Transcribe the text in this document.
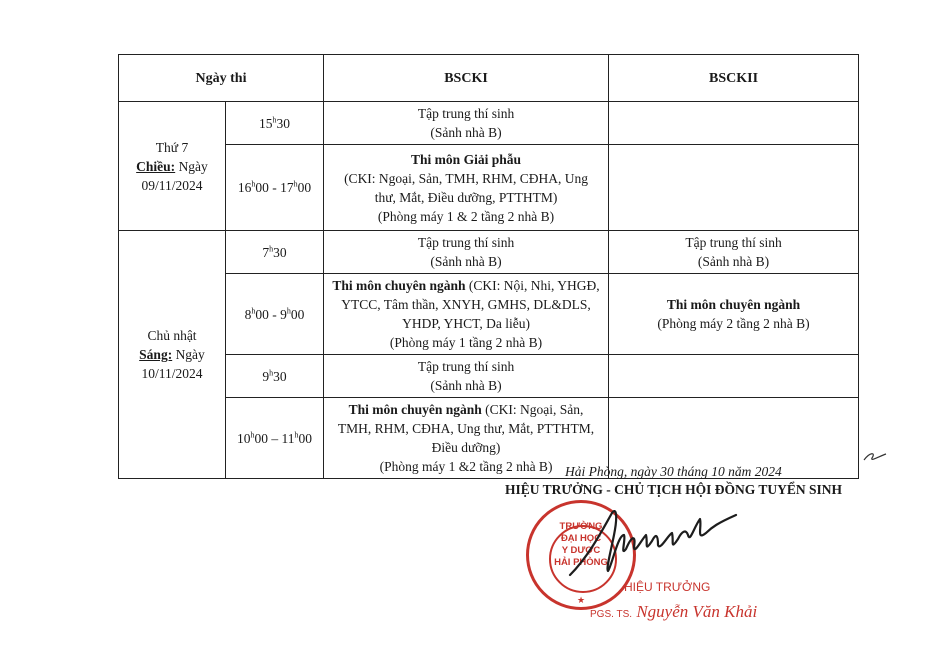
Ngày thi		BSCKI	BSCKII

Thứ 7
Chiều: Ngày
09/11/2024	15$^h$30	Tập trung thí sinh
(Sảnh nhà B)	

	16$^h$00 - 17$^h$00	Thi môn Giải phẫu
(CKI: Ngoại, Sản, TMH, RHM, CĐHA, Ung
thư, Mắt, Điều dưỡng, PTTHTM)
(Phòng máy 1 & 2 tầng 2 nhà B)	

Chủ nhật
Sáng: Ngày
10/11/2024	7$^h$30	Tập trung thí sinh
(Sảnh nhà B)	Tập trung thí sinh
(Sảnh nhà B)

	8$^h$00 - 9$^h$00	Thi môn chuyên ngành (CKI: Nội, Nhi, YHGĐ,
YTCC, Tâm thần, XNYH, GMHS, DL&DLS,
YHDP, YHCT, Da liễu)
(Phòng máy 1 tầng 2 nhà B)	Thi môn chuyên ngành
(Phòng máy 2 tầng 2 nhà B)

	9$^h$30	Tập trung thí sinh
(Sảnh nhà B)	

	10$^h$00 – 11$^h$00	Thi môn chuyên ngành (CKI: Ngoại, Sản,
TMH, RHM, CĐHA, Ung thư, Mắt, PTTHTM,
Điều dưỡng)
(Phòng máy 1 &2 tầng 2 nhà B)	
	Hải Phòng, ngày 30 tháng 10 năm 2024
HIỆU TRƯỞNG - CHỦ TỊCH HỘI ĐỒNG TUYỂN SINH
TRƯỜNG
ĐẠI HỌC
Y DƯỢC
HẢI PHÒNG
★
HIỆU TRƯỞNG
PGS. TS. Nguyễn Văn Khải
